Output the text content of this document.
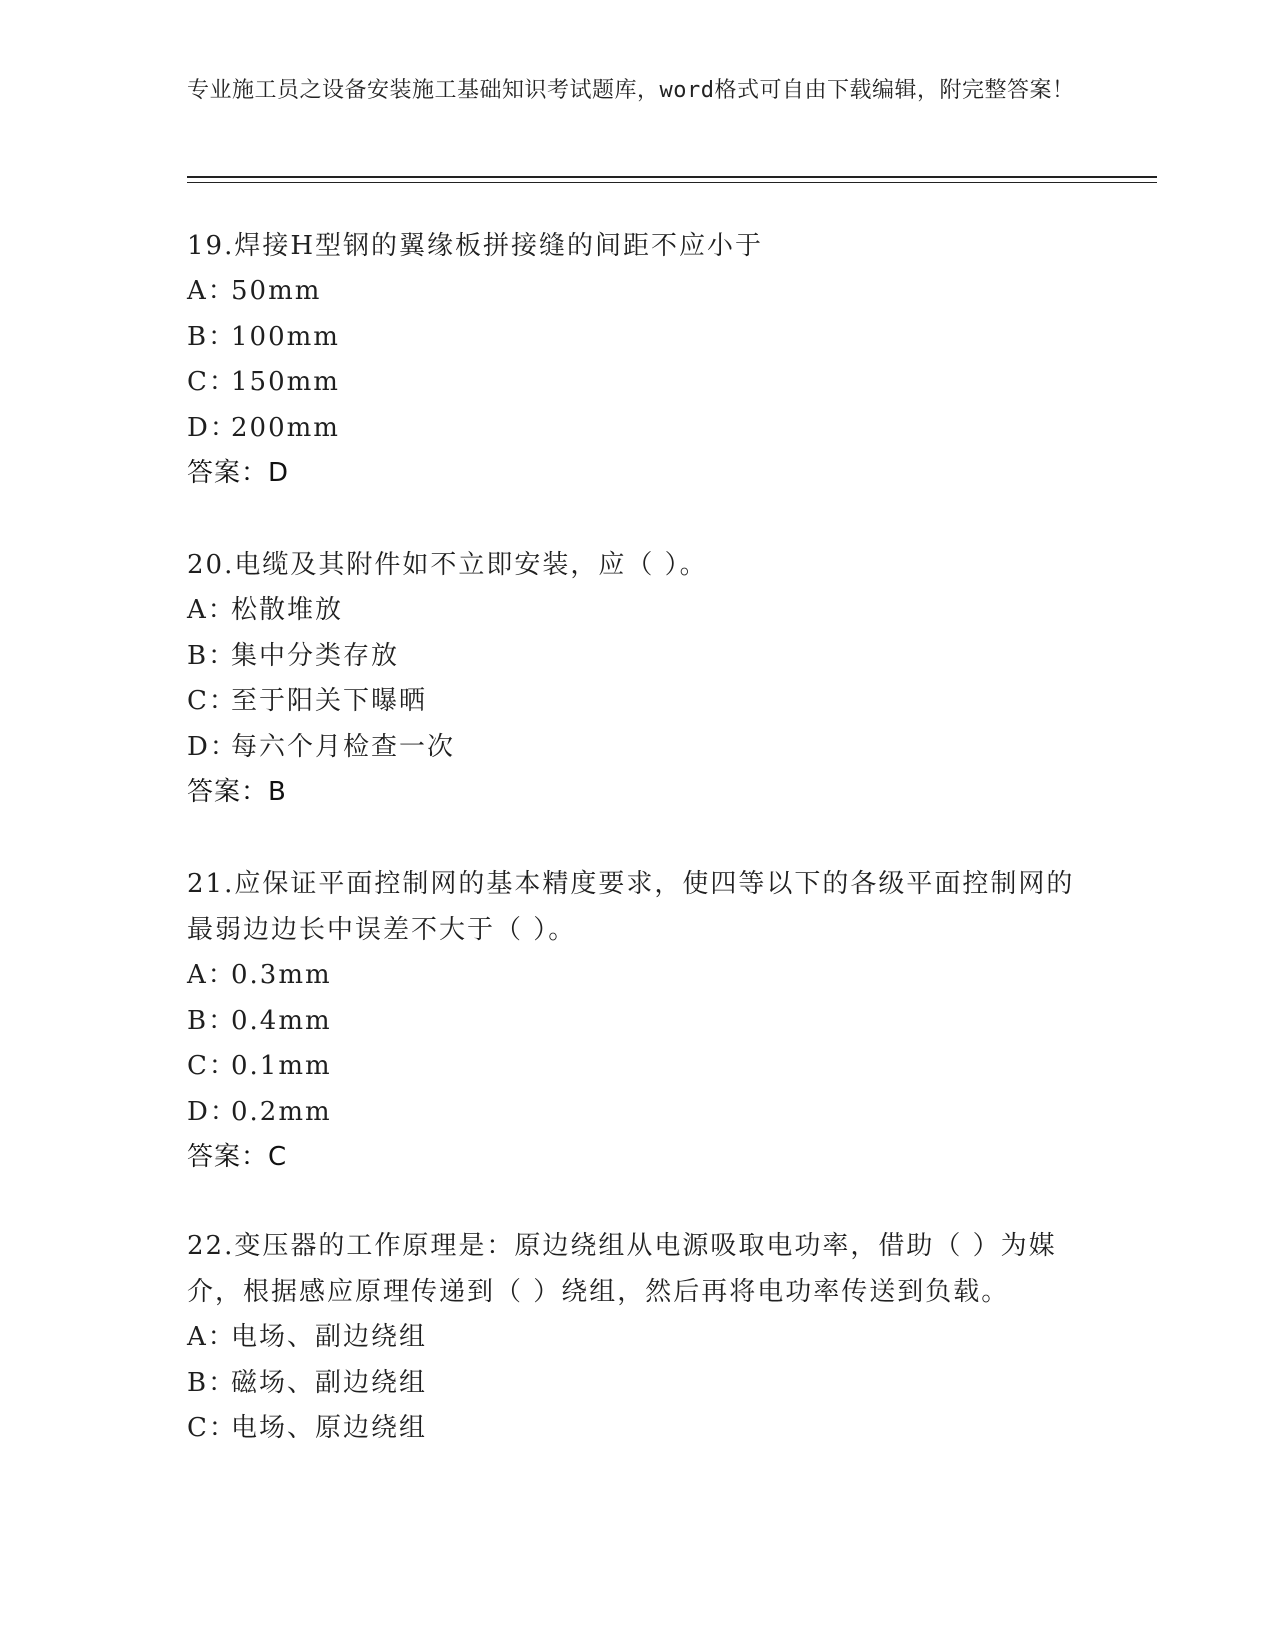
专业施工员之设备安装施工基础知识考试题库，word格式可自由下载编辑，附完整答案！

19.焊接H型钢的翼缘板拼接缝的间距不应小于

A：50mm
B：100mm
C：150mm
D：200mm
答案：D

20.电缆及其附件如不立即安装，应（ ）。

A：松散堆放
B：集中分类存放
C：至于阳关下曝晒
D：每六个月检查一次
答案：B

21.应保证平面控制网的基本精度要求，使四等以下的各级平面控制网的最弱边边长中误差不大于（ ）。

A：0.3mm
B：0.4mm
C：0.1mm
D：0.2mm
答案：C

22.变压器的工作原理是：原边绕组从电源吸取电功率，借助（ ）为媒介，根据感应原理传递到（ ）绕组，然后再将电功率传送到负载。

A：电场、副边绕组
B：磁场、副边绕组
C：电场、原边绕组
